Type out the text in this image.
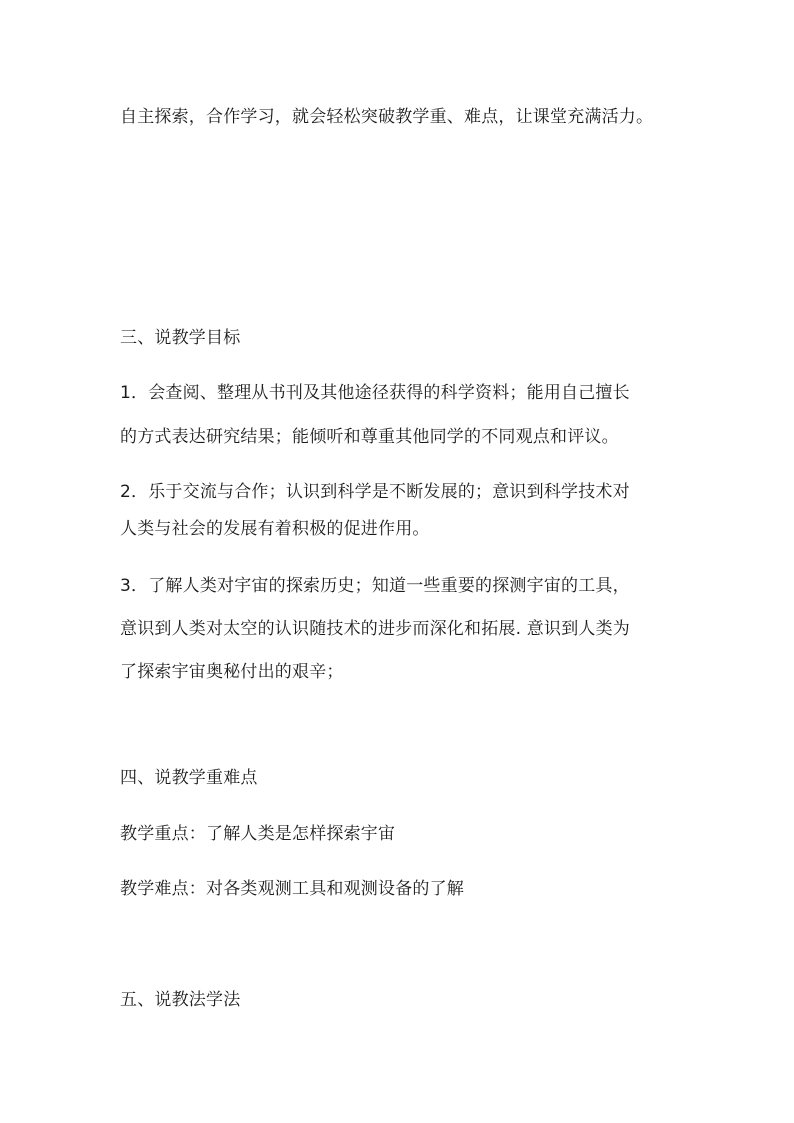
自主探索，合作学习，就会轻松突破教学重、难点，让课堂充满活力。
三、说教学目标
1．会查阅、整理从书刊及其他途径获得的科学资料；能用自己擅长
的方式表达研究结果；能倾听和尊重其他同学的不同观点和评议。
2．乐于交流与合作；认识到科学是不断发展的；意识到科学技术对
人类与社会的发展有着积极的促进作用。
3．了解人类对宇宙的探索历史；知道一些重要的探测宇宙的工具，
意识到人类对太空的认识随技术的进步而深化和拓展. 意识到人类为
了探索宇宙奥秘付出的艰辛；
四、说教学重难点
教学重点：了解人类是怎样探索宇宙
教学难点：对各类观测工具和观测设备的了解
五、说教法学法
